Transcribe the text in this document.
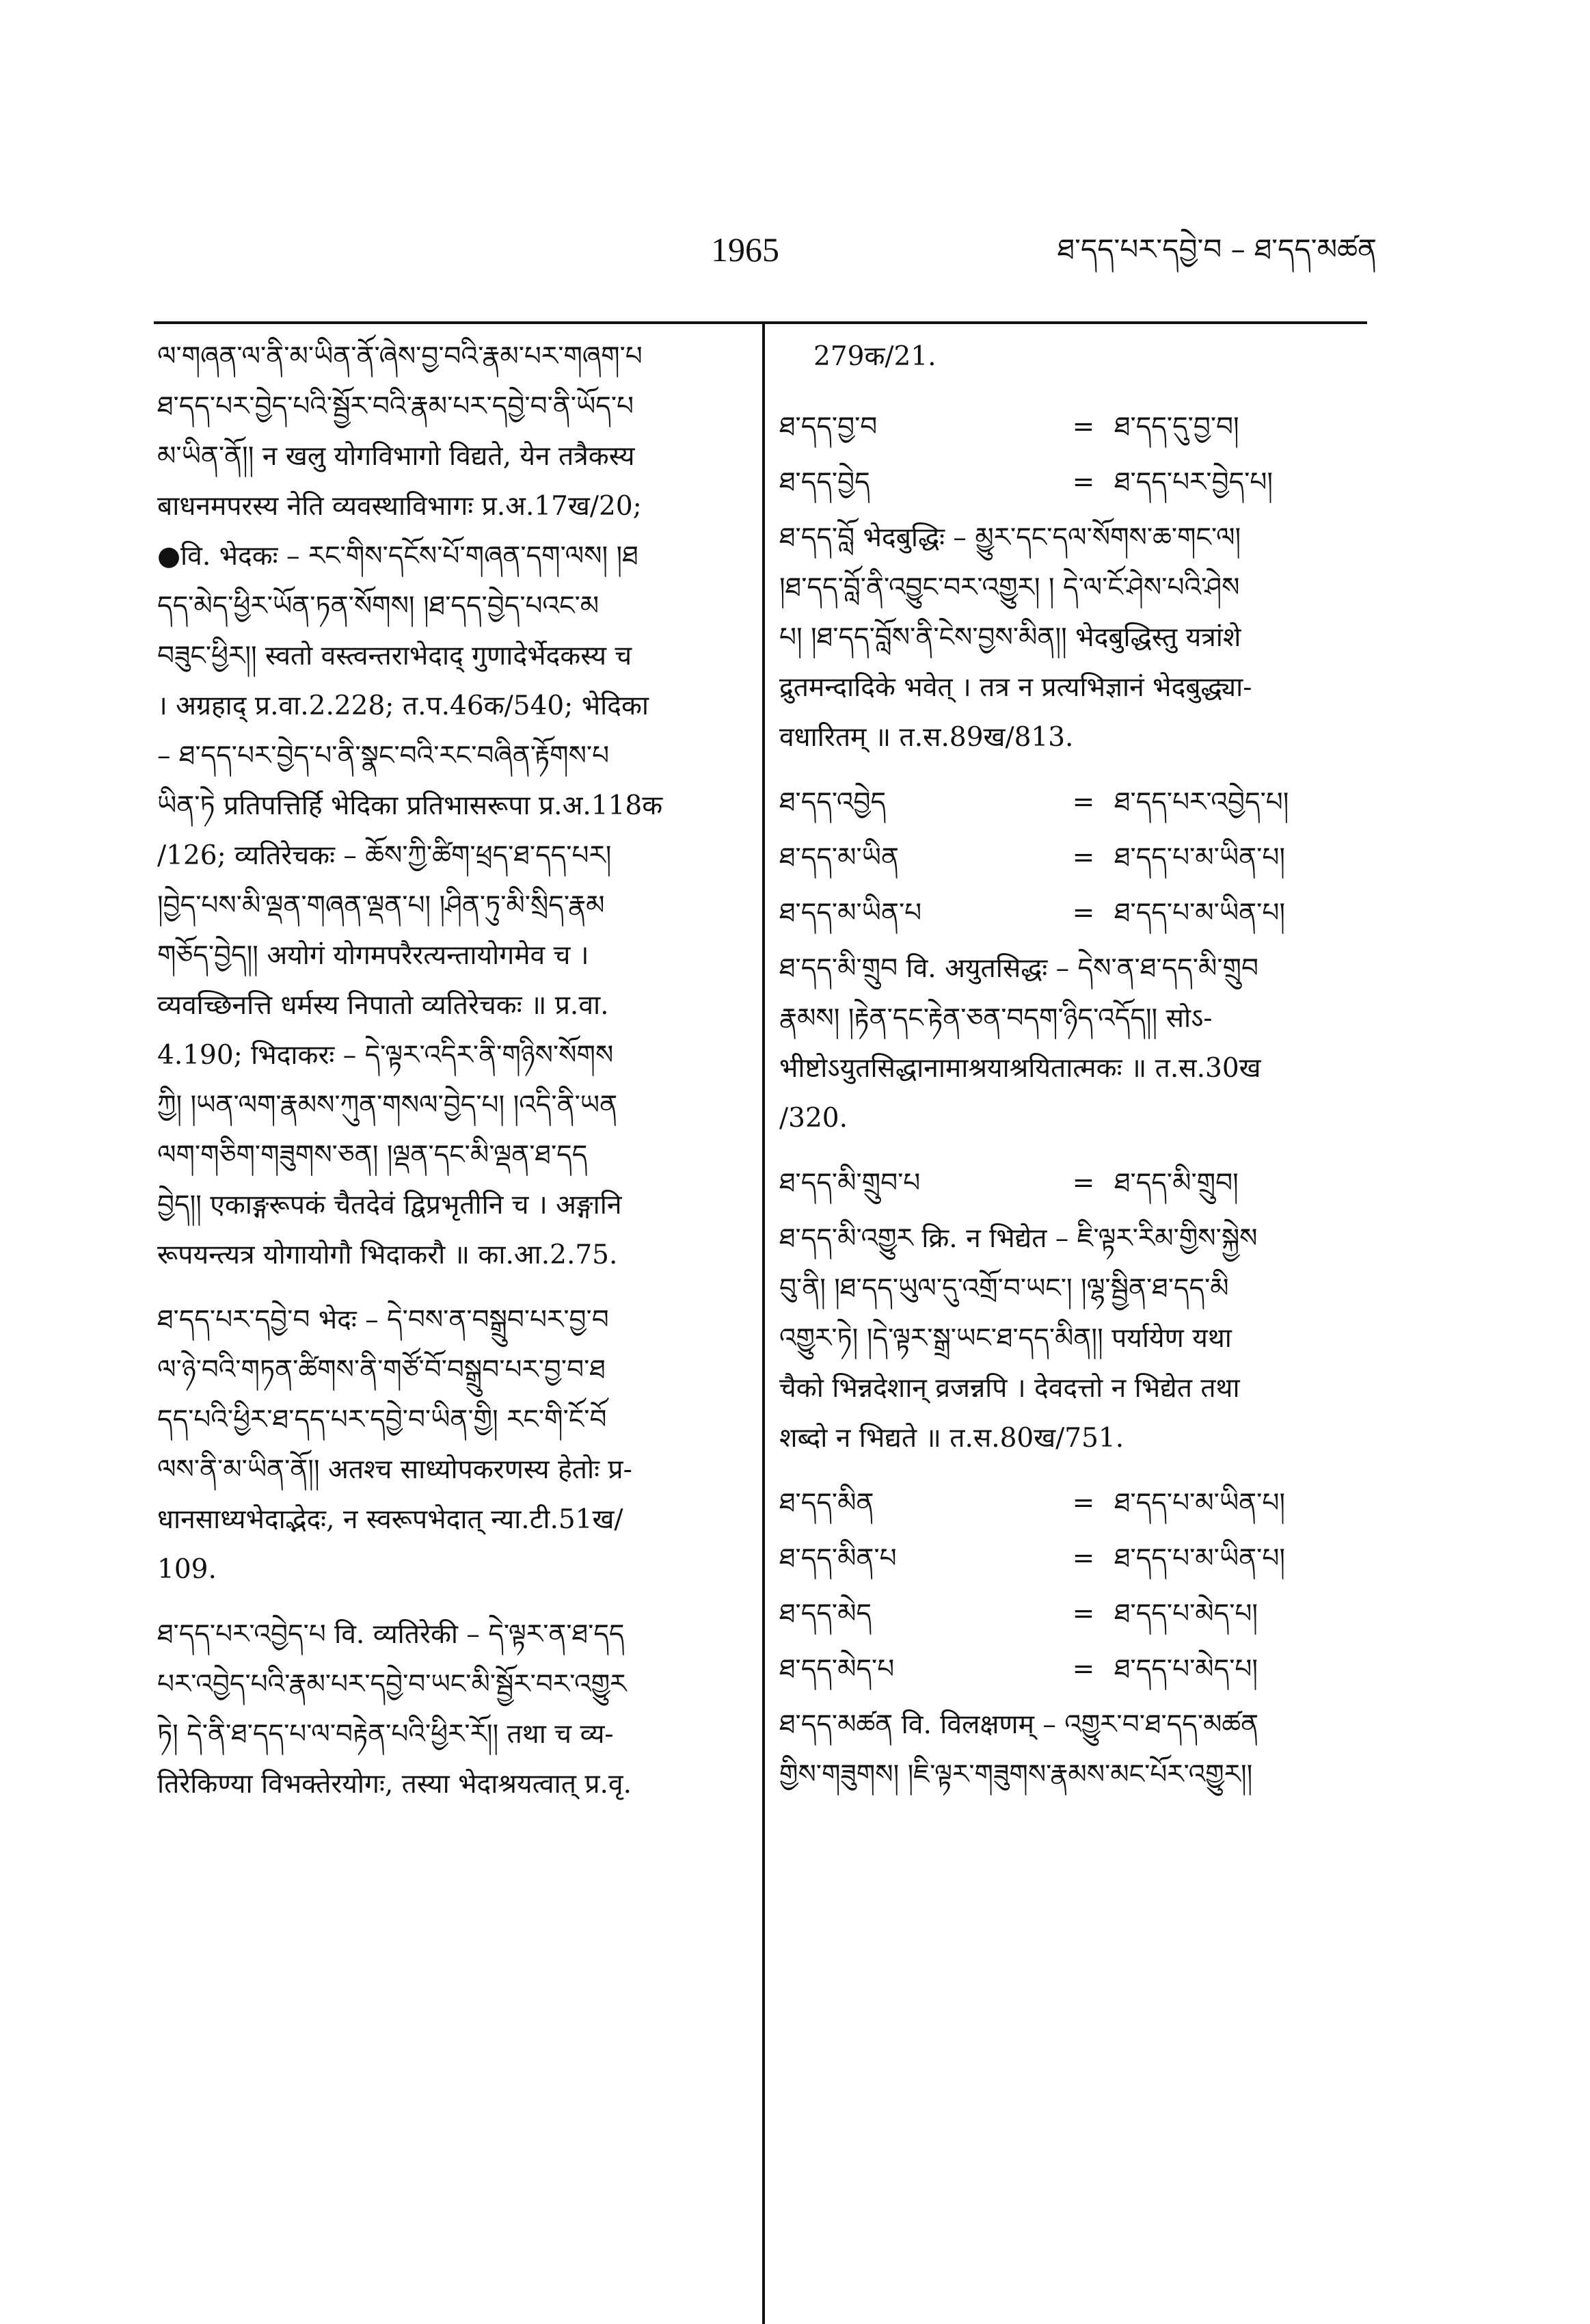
1965	ཐ་དད་པར་དབྱེ་བ – ཐ་དད་མཚན

ལ་གཞན་ལ་ནི་མ་ཡིན་ནོ་ཞེས་བྱ་བའི་རྣམ་པར་གཞག་པ

ཐ་དད་པར་བྱེད་པའི་སྦྱོར་བའི་རྣམ་པར་དབྱེ་བ་ནི་ཡོད་པ

མ་ཡིན་ནོ།། न खलु योगविभागो विद्यते, येन तत्रैकस्य

बाधनमपरस्य नेति व्यवस्थाविभागः प्र.अ.17ख/20;

●वि. भेदकः – རང་གིས་དངོས་པོ་གཞན་དག་ལས། །ཐ

དད་མེད་ཕྱིར་ཡོན་ཏན་སོགས། །ཐ་དད་བྱེད་པའང་མ

བཟུང་ཕྱིར།། स्वतो वस्त्वन्तराभेदाद् गुणादेर्भेदकस्य च

। अग्रहाद् प्र.वा.2.228; त.प.46क/540; भेदिका

– ཐ་དད་པར་བྱེད་པ་ནི་སྣང་བའི་རང་བཞིན་རྟོགས་པ

ཡིན་ཏེ प्रतिपत्तिर्हि भेदिका प्रतिभासरूपा प्र.अ.118क

/126; व्यतिरेचकः – ཆོས་ཀྱི་ཚིག་ཕྲད་ཐ་དད་པར།

།བྱེད་པས་མི་ལྡན་གཞན་ལྡན་པ། །ཤིན་ཏུ་མི་སྲིད་རྣམ

གཅོད་བྱེད།། अयोगं योगमपरैरत्यन्तायोगमेव च ।

व्यवच्छिनत्ति धर्मस्य निपातो व्यतिरेचकः ॥ प्र.वा.

4.190; भिदाकरः – དེ་ལྟར་འདིར་ནི་གཉིས་སོགས

ཀྱི། །ཡན་ལག་རྣམས་ཀུན་གསལ་བྱེད་པ། །འདི་ནི་ཡན

ལག་གཅིག་གཟུགས་ཅན། །ལྡན་དང་མི་ལྡན་ཐ་དད

བྱེད།། एकाङ्गरूपकं चैतदेवं द्विप्रभृतीनि च । अङ्गानि

रूपयन्त्यत्र योगायोगौ भिदाकरौ ॥ का.आ.2.75.

ཐ་དད་པར་དབྱེ་བ भेदः – དེ་བས་ན་བསྒྲུབ་པར་བྱ་བ

ལ་ཉེ་བའི་གཏན་ཚིགས་ནི་གཙོ་བོ་བསྒྲུབ་པར་བྱ་བ་ཐ

དད་པའི་ཕྱིར་ཐ་དད་པར་དབྱེ་བ་ཡིན་གྱི། རང་གི་ངོ་བོ

ལས་ནི་མ་ཡིན་ནོ།། अतश्च साध्योपकरणस्य हेतोः प्र-

धानसाध्यभेदाद्भेदः, न स्वरूपभेदात् न्या.टी.51ख/

109.

ཐ་དད་པར་འབྱེད་པ वि. व्यतिरेकी – དེ་ལྟར་ན་ཐ་དད

པར་འབྱེད་པའི་རྣམ་པར་དབྱེ་བ་ཡང་མི་སྦྱོར་བར་འགྱུར

ཏེ། དེ་ནི་ཐ་དད་པ་ལ་བརྟེན་པའི་ཕྱིར་རོ།། तथा च व्य-

तिरेकिण्या विभक्तेरयोगः, तस्या भेदाश्रयत्वात् प्र.वृ.

279क/21.

ཐ་དད་བྱ་བ	= ཐ་དད་དུ་བྱ་བ།
ཐ་དད་བྱེད	= ཐ་དད་པར་བྱེད་པ།

ཐ་དད་བློ भेदबुद्धिः – མྱུར་དང་དལ་སོགས་ཆ་གང་ལ།

།ཐ་དད་བློ་ནི་འབྱུང་བར་འགྱུར། ། དེ་ལ་ངོ་ཤེས་པའི་ཤེས

པ། །ཐ་དད་བློས་ནི་ངེས་བྱས་མིན།། भेदबुद्धिस्तु यत्रांशे

द्रुतमन्दादिके भवेत् । तत्र न प्रत्यभिज्ञानं भेदबुद्ध्या-

वधारितम् ॥ त.स.89ख/813.

ཐ་དད་འབྱེད	= ཐ་དད་པར་འབྱེད་པ།
ཐ་དད་མ་ཡིན	= ཐ་དད་པ་མ་ཡིན་པ།
ཐ་དད་མ་ཡིན་པ	= ཐ་དད་པ་མ་ཡིན་པ།

ཐ་དད་མི་གྲུབ वि. अयुतसिद्धः – དེས་ན་ཐ་དད་མི་གྲུབ

རྣམས། །རྟེན་དང་རྟེན་ཅན་བདག་ཉིད་འདོད།། सोऽ-

भीष्टोऽयुतसिद्धानामाश्रयाश्रयितात्मकः ॥ त.स.30ख

/320.

ཐ་དད་མི་གྲུབ་པ	= ཐ་དད་མི་གྲུབ།

ཐ་དད་མི་འགྱུར क्रि. न भिद्येत – ཇི་ལྟར་རིམ་གྱིས་སྐྱེས

བུ་ནི། །ཐ་དད་ཡུལ་དུ་འགྲོ་བ་ཡང་། །ལྷ་སྦྱིན་ཐ་དད་མི

འགྱུར་ཏེ། །དེ་ལྟར་སྒྲ་ཡང་ཐ་དད་མིན།། पर्यायेण यथा

चैको भिन्नदेशान् व्रजन्नपि । देवदत्तो न भिद्येत तथा

शब्दो न भिद्यते ॥ त.स.80ख/751.

ཐ་དད་མིན	= ཐ་དད་པ་མ་ཡིན་པ།
ཐ་དད་མིན་པ	= ཐ་དད་པ་མ་ཡིན་པ།
ཐ་དད་མེད	= ཐ་དད་པ་མེད་པ།
ཐ་དད་མེད་པ	= ཐ་དད་པ་མེད་པ།

ཐ་དད་མཚན वि. विलक्षणम् – འགྱུར་བ་ཐ་དད་མཚན

གྱིས་གཟུགས། །ཇི་ལྟར་གཟུགས་རྣམས་མང་པོར་འགྱུར།།
